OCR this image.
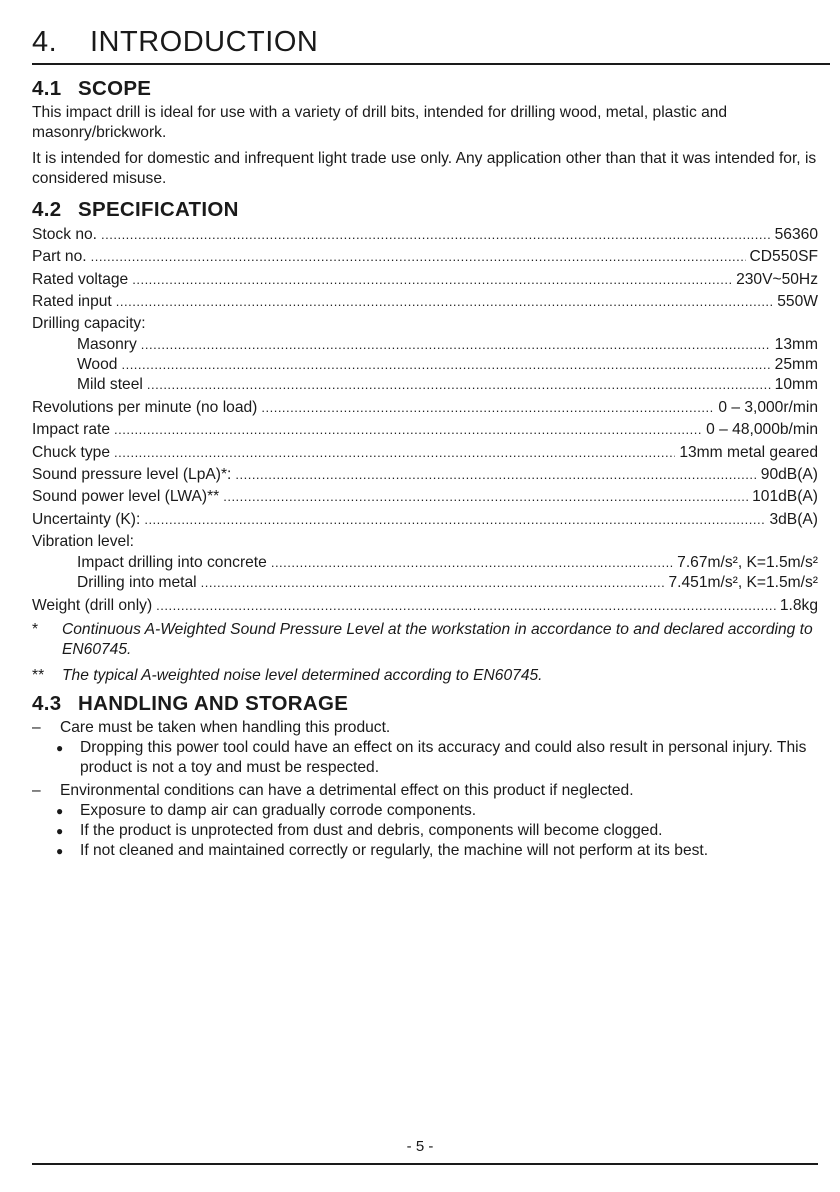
4. INTRODUCTION
4.1 SCOPE

This impact drill is ideal for use with a variety of drill bits, intended for drilling wood, metal, plastic and masonry/brickwork.

It is intended for domestic and infrequent light trade use only. Any application other than that it was intended for, is considered misuse.

4.2 SPECIFICATION
Stock no. .....	56360
Part no. .....	CD550SF
Rated voltage .....	230V~50Hz
Rated input .....	550W
Drilling capacity:
Masonry .....	13mm
Wood .....	25mm
Mild steel .....	10mm
Revolutions per minute (no load) .....	0 – 3,000r/min
Impact rate .....	0 – 48,000b/min
Chuck type .....	13mm metal geared
Sound pressure level (LpA)*: .....	90dB(A)
Sound power level (LWA)** .....	101dB(A)
Uncertainty (K): .....	3dB(A)
Vibration level:
Impact drilling into concrete .....	7.67m/s², K=1.5m/s²
Drilling into metal .....	7.451m/s², K=1.5m/s²
Weight (drill only) .....	1.8kg
*	Continuous A-Weighted Sound Pressure Level at the workstation in accordance to and declared according to EN60745.
**	The typical A-weighted noise level determined according to EN60745.
4.3 HANDLING AND STORAGE
–	Care must be taken when handling this product.
●	Dropping this power tool could have an effect on its accuracy and could also result in personal injury. This product is not a toy and must be respected.
–	Environmental conditions can have a detrimental effect on this product if neglected.
●	Exposure to damp air can gradually corrode components.
●	If the product is unprotected from dust and debris, components will become clogged.
●	If not cleaned and maintained correctly or regularly, the machine will not perform at its best.
- 5 -
